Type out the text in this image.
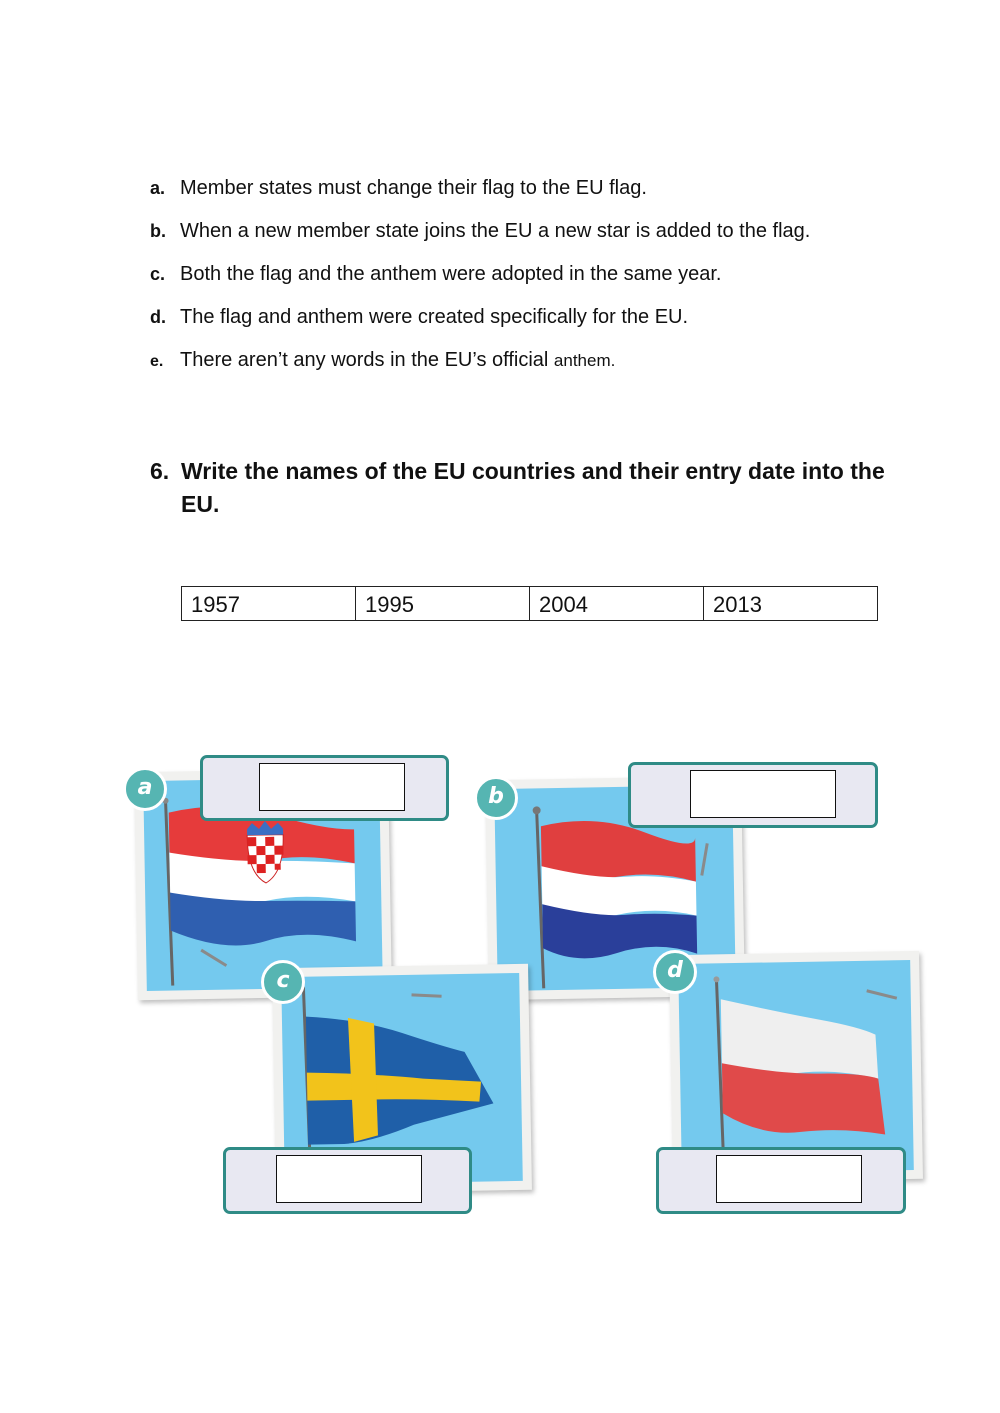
a. Member states must change their flag to the EU flag.
b. When a new member state joins the EU a new star is added to the flag.
c. Both the flag and the anthem were adopted in the same year.
d. The flag and anthem were created specifically for the EU.
e. There aren’t any words in the EU’s official anthem.
6. Write the names of the EU countries and their entry date into the EU.
1957	1995	2004	2013
a	b
c	d
